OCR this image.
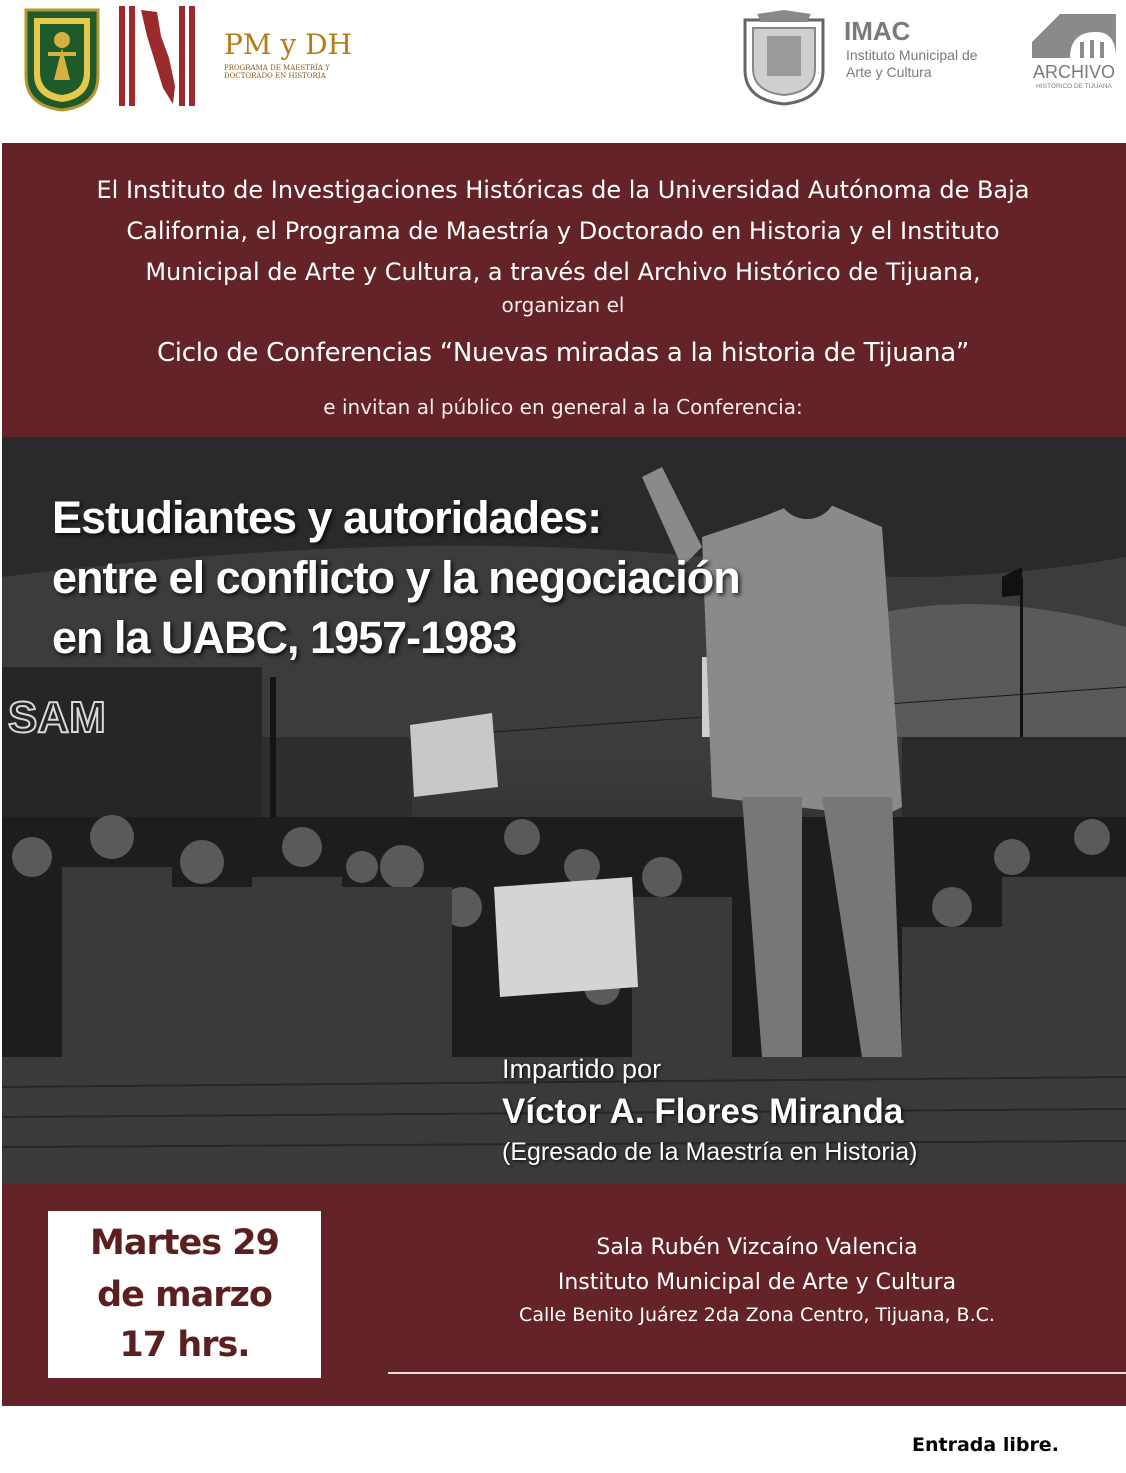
PM y DH
PROGRAMA DE MAESTRÍA Y DOCTORADO EN HISTORIA
IMAC
Instituto Municipal de
Arte y Cultura	ARCHIVO
HISTÓRICO DE TIJUANA
El Instituto de Investigaciones Históricas de la Universidad Autónoma de Baja
California, el Programa de Maestría y Doctorado en Historia y el Instituto
Municipal de Arte y Cultura, a través del Archivo Histórico de Tijuana,
organizan el
Ciclo de Conferencias “Nuevas miradas a la historia de Tijuana”
e invitan al público en general a la Conferencia:
SAM
Estudiantes y autoridades:
entre el conflicto y la negociación
en la UABC, 1957-1983
Impartido por
Víctor A. Flores Miranda
(Egresado de la Maestría en Historia)
Martes 29
de marzo
17 hrs.
Sala Rubén Vizcaíno Valencia
Instituto Municipal de Arte y Cultura
Calle Benito Juárez 2da Zona Centro, Tijuana, B.C.
Entrada libre.
